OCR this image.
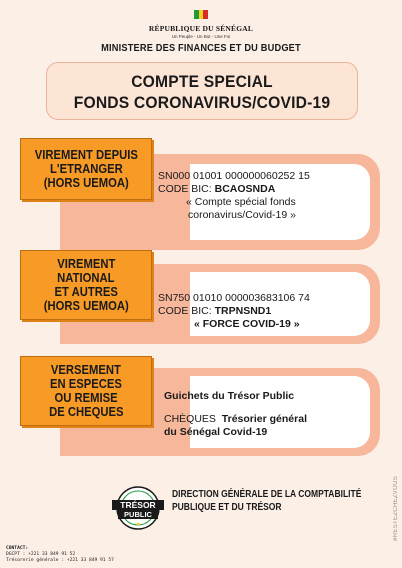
RÉPUBLIQUE DU SÉNÉGAL
Un Peuple - Un But - Une Foi
MINISTERE DES FINANCES ET DU BUDGET
COMPTE SPECIAL
FONDS CORONAVIRUS/COVID-19
VIREMENT DEPUIS
L'ETRANGER
(HORS UEMOA)	SN000 01001 000000060252 15
CODE BIC: BCAOSNDA
« Compte spécial fonds
coronavirus/Covid-19 »
VIREMENT
NATIONAL
ET AUTRES
(HORS UEMOA)
SN750 01010 000003683106 74
CODE BIC: TRPNSND1
« FORCE COVID-19 »
VERSEMENT
EN ESPECES
OU REMISE
DE CHEQUES
Guichets du Trésor Public
CHÈQUES Trésorier général
du Sénégal Covid-19
TRÉSOR
PUBLIC
DIRECTION GÉNÉRALE DE LA COMPTABILITÉ
PUBLIQUE ET DU TRÉSOR	#RESTEZCHEZVOUS
CONTACT:
DGCPT : +221 33 849 91 52
Trésorerie générale : +221 33 849 91 57
